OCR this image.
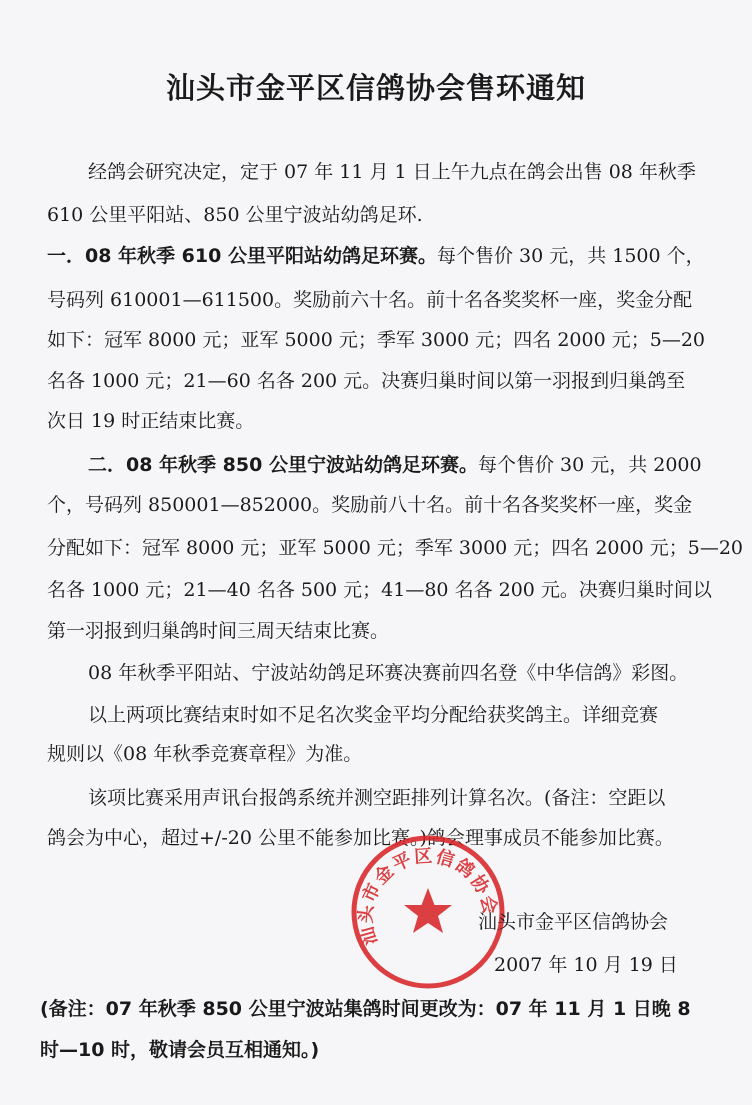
汕头市金平区信鸽协会售环通知
经鸽会研究决定，定于 07 年 11 月 1 日上午九点在鸽会出售 08 年秋季
610 公里平阳站、850 公里宁波站幼鸽足环.
一．08 年秋季 610 公里平阳站幼鸽足环赛。每个售价 30 元，共 1500 个，
号码列 610001—611500。奖励前六十名。前十名各奖奖杯一座，奖金分配
如下：冠军 8000 元；亚军 5000 元；季军 3000 元；四名 2000 元；5—20
名各 1000 元；21—60 名各 200 元。决赛归巢时间以第一羽报到归巢鸽至
次日 19 时正结束比赛。
二．08 年秋季 850 公里宁波站幼鸽足环赛。每个售价 30 元，共 2000
个，号码列 850001—852000。奖励前八十名。前十名各奖奖杯一座，奖金
分配如下：冠军 8000 元；亚军 5000 元；季军 3000 元；四名 2000 元；5—20
名各 1000 元；21—40 名各 500 元；41—80 名各 200 元。决赛归巢时间以
第一羽报到归巢鸽时间三周天结束比赛。
08 年秋季平阳站、宁波站幼鸽足环赛决赛前四名登《中华信鸽》彩图。
以上两项比赛结束时如不足名次奖金平均分配给获奖鸽主。详细竞赛
规则以《08 年秋季竞赛章程》为准。
该项比赛采用声讯台报鸽系统并测空距排列计算名次。(备注：空距以
鸽会为中心，超过+/-20 公里不能参加比赛。)鸽会理事成员不能参加比赛。
汕头市金平区信鸽协会
汕头市金平区信鸽协会
2007 年 10 月 19 日
(备注：07 年秋季 850 公里宁波站集鸽时间更改为：07 年 11 月 1 日晚 8
时—10 时，敬请会员互相通知。)
